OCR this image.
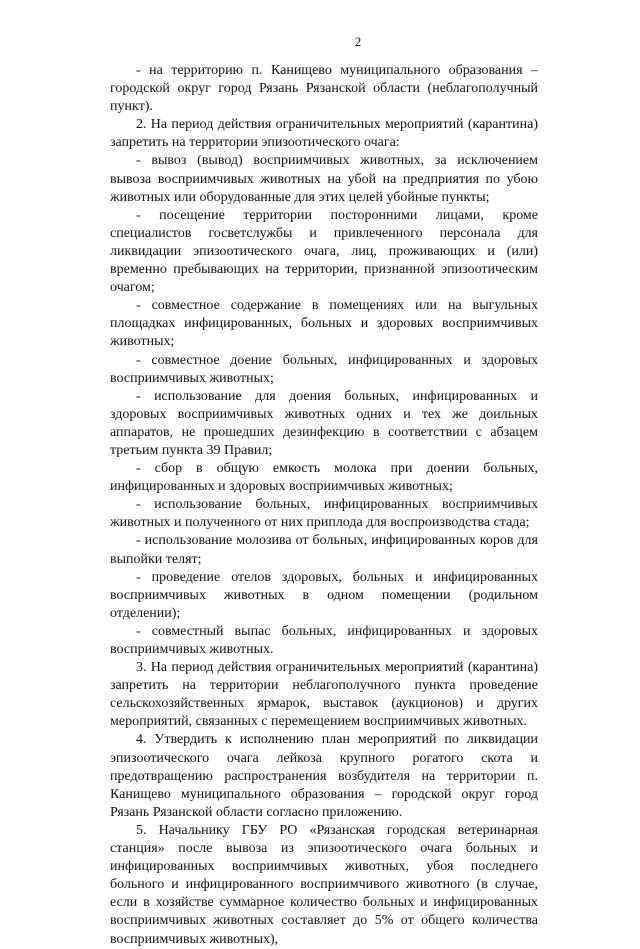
2

- на территорию п. Канищево муниципального образования – городской округ город Рязань Рязанской области (неблагополучный пункт).

2. На период действия ограничительных мероприятий (карантина) запретить на территории эпизоотического очага:

- вывоз (вывод) восприимчивых животных, за исключением вывоза восприимчивых животных на убой на предприятия по убою животных или оборудованные для этих целей убойные пункты;

- посещение территории посторонними лицами, кроме специалистов госветслужбы и привлеченного персонала для ликвидации эпизоотического очага, лиц, проживающих и (или) временно пребывающих на территории, признанной эпизоотическим очагом;

- совместное содержание в помещениях или на выгульных площадках инфицированных, больных и здоровых восприимчивых животных;

- совместное доение больных, инфицированных и здоровых восприимчивых животных;

- использование для доения больных, инфицированных и здоровых восприимчивых животных одних и тех же доильных аппаратов, не прошедших дезинфекцию в соответствии с абзацем третьим пункта 39 Правил;

- сбор в общую емкость молока при доении больных, инфицированных и здоровых восприимчивых животных;

- использование больных, инфицированных восприимчивых животных и полученного от них приплода для воспроизводства стада;

- использование молозива от больных, инфицированных коров для выпойки телят;

- проведение отелов здоровых, больных и инфицированных восприимчивых животных в одном помещении (родильном отделении);

- совместный выпас больных, инфицированных и здоровых восприимчивых животных.

3. На период действия ограничительных мероприятий (карантина) запретить на территории неблагополучного пункта проведение сельскохозяйственных ярмарок, выставок (аукционов) и других мероприятий, связанных с перемещением восприимчивых животных.

4. Утвердить к исполнению план мероприятий по ликвидации эпизоотического очага лейкоза крупного рогатого скота и предотвращению распространения возбудителя на территории п. Канищево муниципального образования – городской округ город Рязань Рязанской области согласно приложению.

5. Начальнику ГБУ РО «Рязанская городская ветеринарная станция» после вывоза из эпизоотического очага больных и инфицированных восприимчивых животных, убоя последнего больного и инфицированного восприимчивого животного (в случае, если в хозяйстве суммарное количество больных и инфицированных восприимчивых животных составляет до 5% от общего количества восприимчивых животных),
